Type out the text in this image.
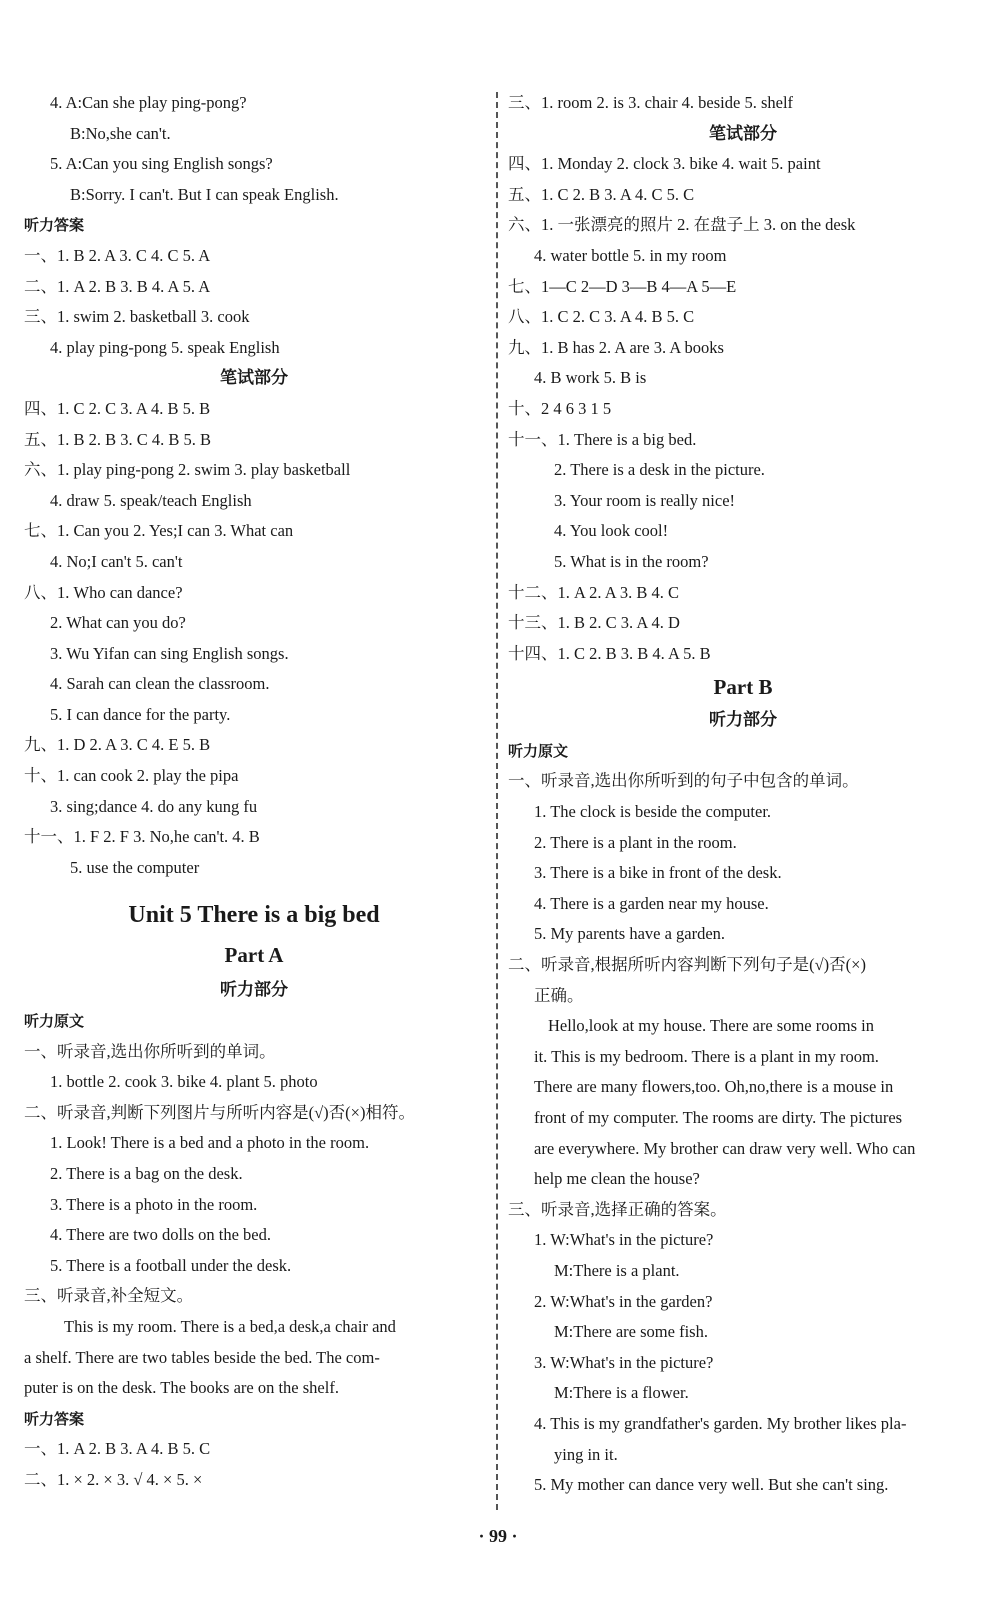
4. A:Can she play ping-pong?
B:No,she can't.
5. A:Can you sing English songs?
B:Sorry. I can't. But I can speak English.
听力答案
一、1. B 2. A 3. C 4. C 5. A
二、1. A 2. B 3. B 4. A 5. A
三、1. swim 2. basketball 3. cook
4. play ping-pong 5. speak English
笔试部分
四、1. C 2. C 3. A 4. B 5. B
五、1. B 2. B 3. C 4. B 5. B
六、1. play ping-pong 2. swim 3. play basketball
4. draw 5. speak/teach English
七、1. Can you 2. Yes;I can 3. What can
4. No;I can't 5. can't
八、1. Who can dance?
2. What can you do?
3. Wu Yifan can sing English songs.
4. Sarah can clean the classroom.
5. I can dance for the party.
九、1. D 2. A 3. C 4. E 5. B
十、1. can cook 2. play the pipa
3. sing;dance 4. do any kung fu
十一、1. F 2. F 3. No,he can't. 4. B
5. use the computer
Unit 5 There is a big bed
Part A
听力部分
听力原文
一、听录音,选出你所听到的单词。
1. bottle 2. cook 3. bike 4. plant 5. photo
二、听录音,判断下列图片与所听内容是(√)否(×)相符。
1. Look! There is a bed and a photo in the room.
2. There is a bag on the desk.
3. There is a photo in the room.
4. There are two dolls on the bed.
5. There is a football under the desk.
三、听录音,补全短文。
This is my room. There is a bed,a desk,a chair and
a shelf. There are two tables beside the bed. The com-
puter is on the desk. The books are on the shelf.
听力答案
一、1. A 2. B 3. A 4. B 5. C
二、1. × 2. × 3. √ 4. × 5. ×
三、1. room 2. is 3. chair 4. beside 5. shelf
笔试部分
四、1. Monday 2. clock 3. bike 4. wait 5. paint
五、1. C 2. B 3. A 4. C 5. C
六、1. 一张漂亮的照片 2. 在盘子上 3. on the desk
4. water bottle 5. in my room
七、1—C 2—D 3—B 4—A 5—E
八、1. C 2. C 3. A 4. B 5. C
九、1. B has 2. A are 3. A books
4. B work 5. B is
十、2 4 6 3 1 5
十一、1. There is a big bed.
2. There is a desk in the picture.
3. Your room is really nice!
4. You look cool!
5. What is in the room?
十二、1. A 2. A 3. B 4. C
十三、1. B 2. C 3. A 4. D
十四、1. C 2. B 3. B 4. A 5. B
Part B
听力部分
听力原文
一、听录音,选出你所听到的句子中包含的单词。
1. The clock is beside the computer.
2. There is a plant in the room.
3. There is a bike in front of the desk.
4. There is a garden near my house.
5. My parents have a garden.
二、听录音,根据所听内容判断下列句子是(√)否(×)
正确。
Hello,look at my house. There are some rooms in
it. This is my bedroom. There is a plant in my room.
There are many flowers,too. Oh,no,there is a mouse in
front of my computer. The rooms are dirty. The pictures
are everywhere. My brother can draw very well. Who can
help me clean the house?
三、听录音,选择正确的答案。
1. W:What's in the picture?
M:There is a plant.
2. W:What's in the garden?
M:There are some fish.
3. W:What's in the picture?
M:There is a flower.
4. This is my grandfather's garden. My brother likes pla-
ying in it.
5. My mother can dance very well. But she can't sing.
· 99 ·
